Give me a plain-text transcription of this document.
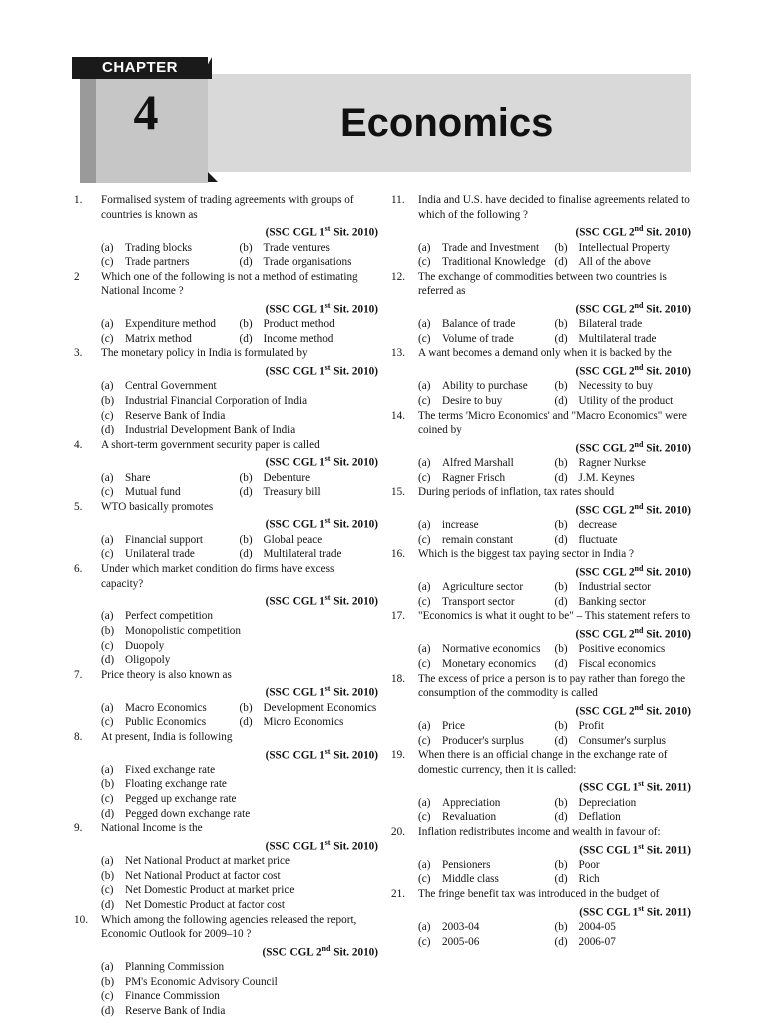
CHAPTER
4	Economics
1.	Formalised system of trading agreements with groups of countries is known as
(SSC CGL 1st Sit. 2010)
(a)	Trading blocks	(b) Trade ventures
(c)	Trade partners	(d) Trade organisations
2	Which one of the following is not a method of estimating National Income ?
(SSC CGL 1st Sit. 2010)
(a)	Expenditure method (b) Product method
(c)	Matrix method	(d) Income method
3.	The monetary policy in India is formulated by
(SSC CGL 1st Sit. 2010)
(a)	Central Government
(b) Industrial Financial Corporation of India
(c)	Reserve Bank of India
(d) Industrial Development Bank of India
4.	A short-term government security paper is called
(SSC CGL 1st Sit. 2010)
(a)	Share	(b) Debenture
(c)	Mutual fund	(d) Treasury bill
5.	WTO basically promotes
(SSC CGL 1st Sit. 2010)
(a)	Financial support	(b) Global peace
(c)	Unilateral trade	(d) Multilateral trade
6.	Under which market condition do firms have excess capacity?
(SSC CGL 1st Sit. 2010)
(a)	Perfect competition
(b) Monopolistic competition
(c)	Duopoly
(d) Oligopoly
7.	Price theory is also known as
(SSC CGL 1st Sit. 2010)
(a)	Macro Economics	(b) Development Economics
(c)	Public Economics	(d) Micro Economics
8.	At present, India is following
(SSC CGL 1st Sit. 2010)
(a)	Fixed exchange rate
(b) Floating exchange rate
(c)	Pegged up exchange rate
(d) Pegged down exchange rate
9.	National Income is the
(SSC CGL 1st Sit. 2010)
(a)	Net National Product at market price
(b) Net National Product at factor cost
(c)	Net Domestic Product at market price
(d) Net Domestic Product at factor cost
10.	Which among the following agencies released the report, Economic Outlook for 2009–10 ?
(SSC CGL 2nd Sit. 2010)
(a)	Planning Commission
(b) PM's Economic Advisory Council
(c)	Finance Commission
(d) Reserve Bank of India
11.	India and U.S. have decided to finalise agreements related to which of the following ?
(SSC CGL 2nd Sit. 2010)
(a)	Trade and Investment (b) Intellectual Property
(c)	Traditional Knowledge (d) All of the above
12.	The exchange of commodities between two countries is referred as
(SSC CGL 2nd Sit. 2010)
(a)	Balance of trade	(b) Bilateral trade
(c)	Volume of trade	(d) Multilateral trade
13.	A want becomes a demand only when it is backed by the
(SSC CGL 2nd Sit. 2010)
(a)	Ability to purchase (b) Necessity to buy
(c)	Desire to buy	(d) Utility of the product
14.	The terms 'Micro Economics' and "Macro Economics" were coined by
(SSC CGL 2nd Sit. 2010)
(a)	Alfred Marshall	(b) Ragner Nurkse
(c)	Ragner Frisch	(d) J.M. Keynes
15.	During periods of inflation, tax rates should
(SSC CGL 2nd Sit. 2010)
(a)	increase	(b) decrease
(c)	remain constant	(d) fluctuate
16.	Which is the biggest tax paying sector in India ?
(SSC CGL 2nd Sit. 2010)
(a)	Agriculture sector	(b) Industrial sector
(c)	Transport sector	(d) Banking sector
17.	"Economics is what it ought to be" – This statement refers to
(SSC CGL 2nd Sit. 2010)
(a)	Normative economics (b) Positive economics
(c)	Monetary economics (d) Fiscal economics
18.	The excess of price a person is to pay rather than forego the consumption of the commodity is called
(SSC CGL 2nd Sit. 2010)
(a)	Price	(b) Profit
(c)	Producer's surplus	(d) Consumer's surplus
19.	When there is an official change in the exchange rate of domestic currency, then it is called:
(SSC CGL 1st Sit. 2011)
(a)	Appreciation	(b) Depreciation
(c)	Revaluation	(d) Deflation
20.	Inflation redistributes income and wealth in favour of:
(SSC CGL 1st Sit. 2011)
(a)	Pensioners	(b) Poor
(c)	Middle class	(d) Rich
21.	The fringe benefit tax was introduced in the budget of
(SSC CGL 1st Sit. 2011)
(a)	2003-04	(b) 2004-05
(c)	2005-06	(d) 2006-07
